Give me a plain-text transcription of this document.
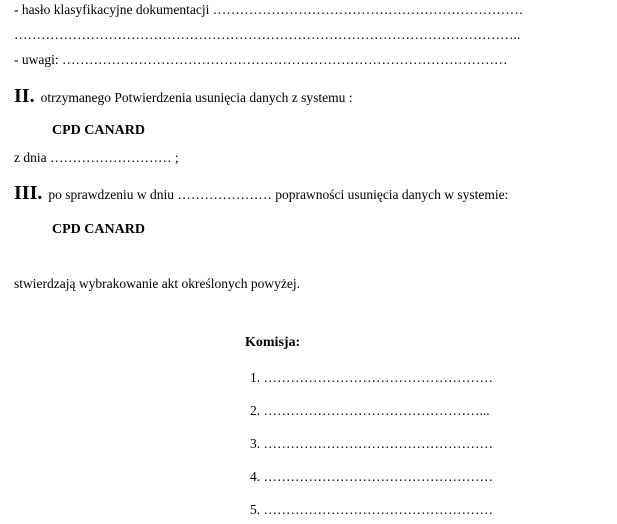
- hasło klasyfikacyjne dokumentacji ……………………………………………………………
…………………………………………………………………………………………………..
- uwagi: ………………………………………………………………………………………
II. otrzymanego Potwierdzenia usunięcia danych z systemu :
CPD CANARD
z dnia ……………………… ;
III. po sprawdzeniu w dniu ………………… poprawności usunięcia danych w systemie:
CPD CANARD
stwierdzają wybrakowanie akt określonych powyżej.
Komisja:
1. ……………………………………………
2. …………………………………………...
3. ……………………………………………
4. ……………………………………………
5. ……………………………………………
